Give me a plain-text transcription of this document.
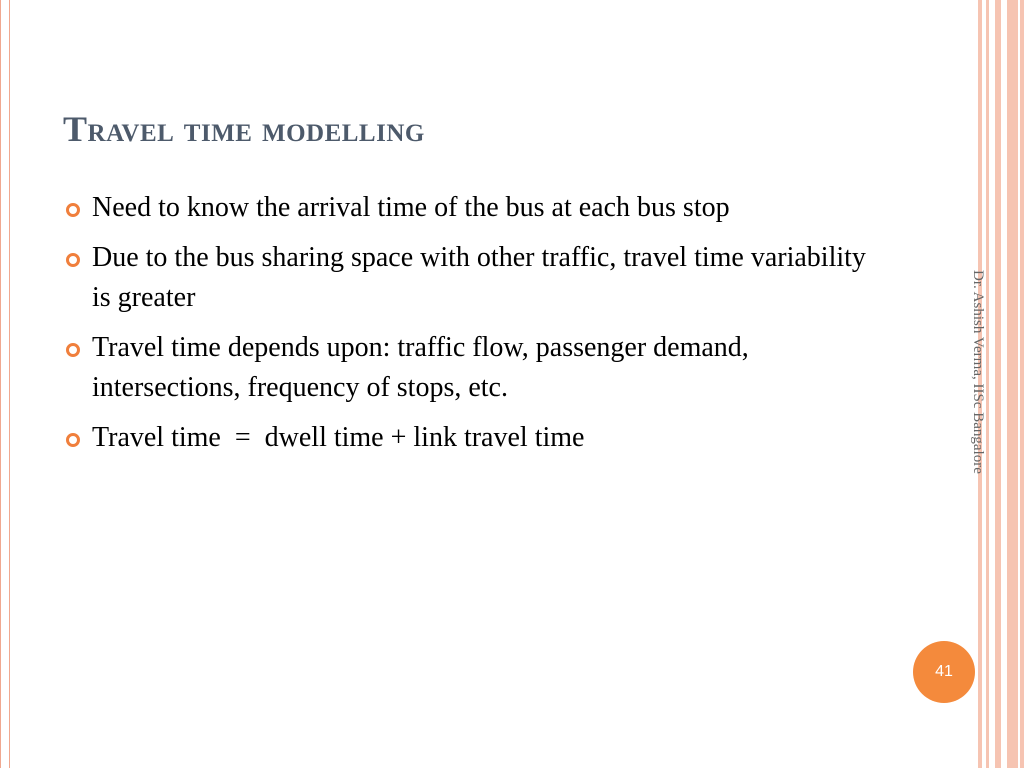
Travel time modelling
Need to know the arrival time of the bus at each bus stop
Due to the bus sharing space with other traffic, travel time variability is greater
Travel time depends upon: traffic flow, passenger demand, intersections, frequency of stops, etc.
Travel time  =  dwell time + link travel time	Dr. Ashish Verma, IISc Bangalore
41
